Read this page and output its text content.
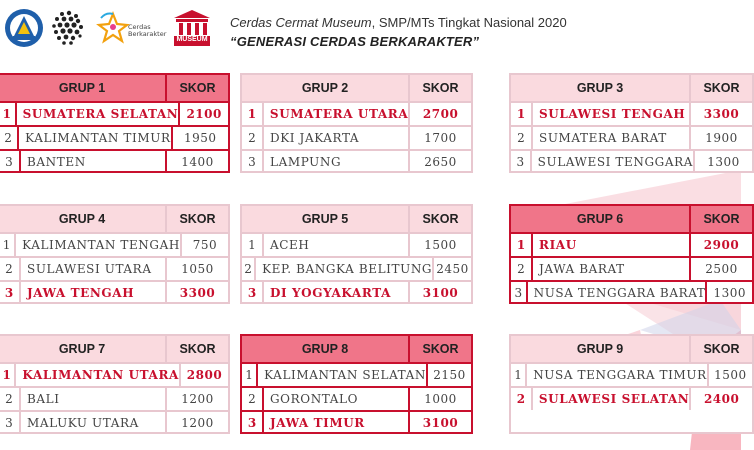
Cerdas
Berkarakter
MUSEUM
Cerdas Cermat Museum, SMP/MTs Tingkat Nasional 2020
“GENERASI CERDAS BERKARAKTER”
GRUP 1	SKOR
1 SUMATERA SELATAN 2100
2	KALIMANTAN TIMUR	1950
3	BANTEN	1400
GRUP 2	SKOR
1	SUMATERA UTARA	2700
2	DKI JAKARTA	1700
3	LAMPUNG	2650
GRUP 3	SKOR
1	SULAWESI TENGAH	3300
2	SUMATERA BARAT	1900
3	SULAWESI TENGGARA	1300
GRUP 4	SKOR
1 KALIMANTAN TENGAH	750
2	SULAWESI UTARA	1050
3	JAWA TENGAH	3300
GRUP 5	SKOR
1	ACEH	1500
2 KEP. BANGKA BELITUNG 2450
3	DI YOGYAKARTA	3100
GRUP 6	SKOR
1	RIAU	2900
2	JAWA BARAT	2500
3 NUSA TENGGARA BARAT 1300
GRUP 7	SKOR
1 KALIMANTAN UTARA 2800
2	BALI	1200
3	MALUKU UTARA	1200
GRUP 8	SKOR
1 KALIMANTAN SELATAN 2150
2	GORONTALO	1000
3	JAWA TIMUR	3100
GRUP 9	SKOR
1 NUSA TENGGARA TIMUR 1500
2	SULAWESI SELATAN	2400
